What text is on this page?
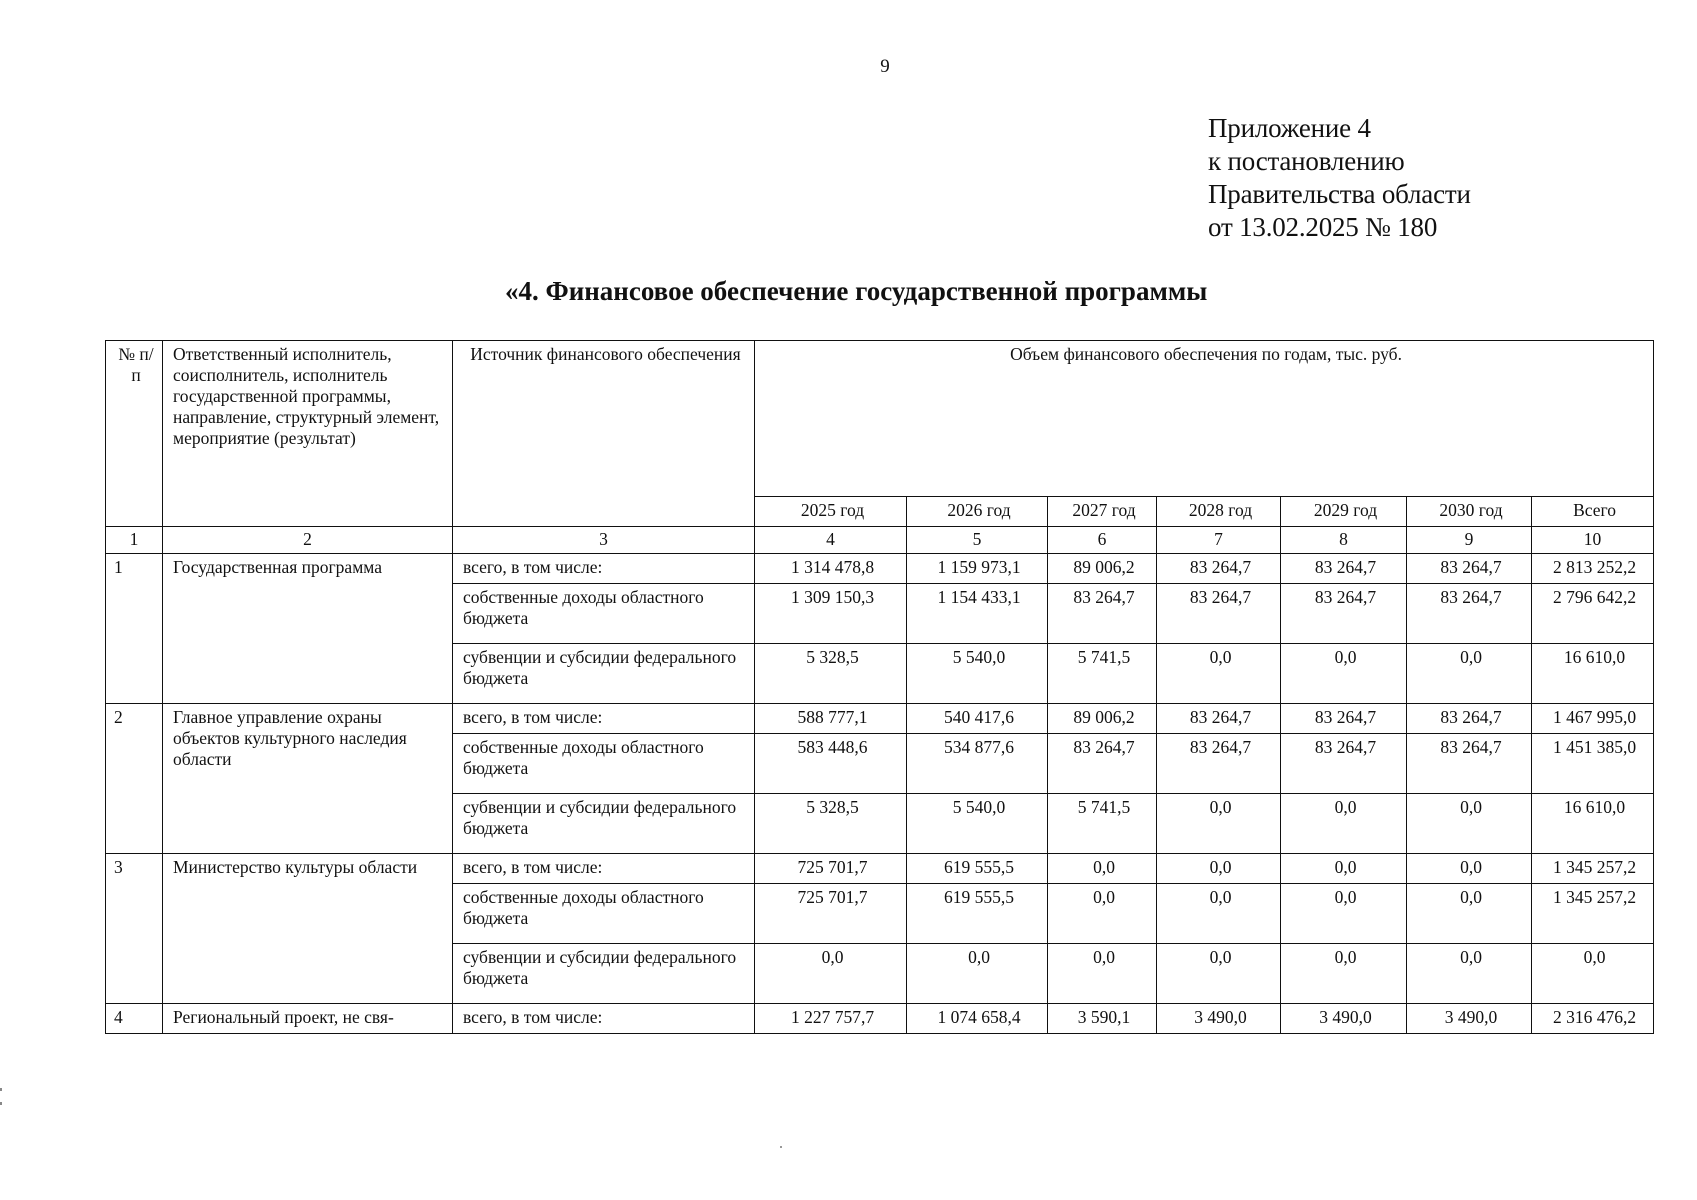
9
Приложение 4
к постановлению
Правительства области
от 13.02.2025 № 180
«4. Финансовое обеспечение государственной программы
№ п/п	Ответственный исполнитель, соисполнитель, исполнитель государственной программы, направление, структурный элемент, мероприятие (результат)	Источник финансового обеспечения	Объем финансового обеспечения по годам, тыс. руб.						
			2025 год	2026 год	2027 год	2028 год	2029 год	2030 год	Всего
1	2	3	4	5	6	7	8	9	10
1	Государственная программа	всего, в том числе:	1 314 478,8	1 159 973,1	89 006,2	83 264,7	83 264,7	83 264,7	2 813 252,2
		собственные доходы областного бюджета	1 309 150,3	1 154 433,1	83 264,7	83 264,7	83 264,7	83 264,7	2 796 642,2
		субвенции и субсидии федерального бюджета	5 328,5	5 540,0	5 741,5	0,0	0,0	0,0	16 610,0
2	Главное управление охраны объектов культурного наследия области	всего, в том числе:	588 777,1	540 417,6	89 006,2	83 264,7	83 264,7	83 264,7	1 467 995,0
		собственные доходы областного бюджета	583 448,6	534 877,6	83 264,7	83 264,7	83 264,7	83 264,7	1 451 385,0
		субвенции и субсидии федерального бюджета	5 328,5	5 540,0	5 741,5	0,0	0,0	0,0	16 610,0
3	Министерство культуры области	всего, в том числе:	725 701,7	619 555,5	0,0	0,0	0,0	0,0	1 345 257,2
		собственные доходы областного бюджета	725 701,7	619 555,5	0,0	0,0	0,0	0,0	1 345 257,2
		субвенции и субсидии федерального бюджета	0,0	0,0	0,0	0,0	0,0	0,0	0,0
4	Региональный проект, не свя-	всего, в том числе:	1 227 757,7	1 074 658,4	3 590,1	3 490,0	3 490,0	3 490,0	2 316 476,2
